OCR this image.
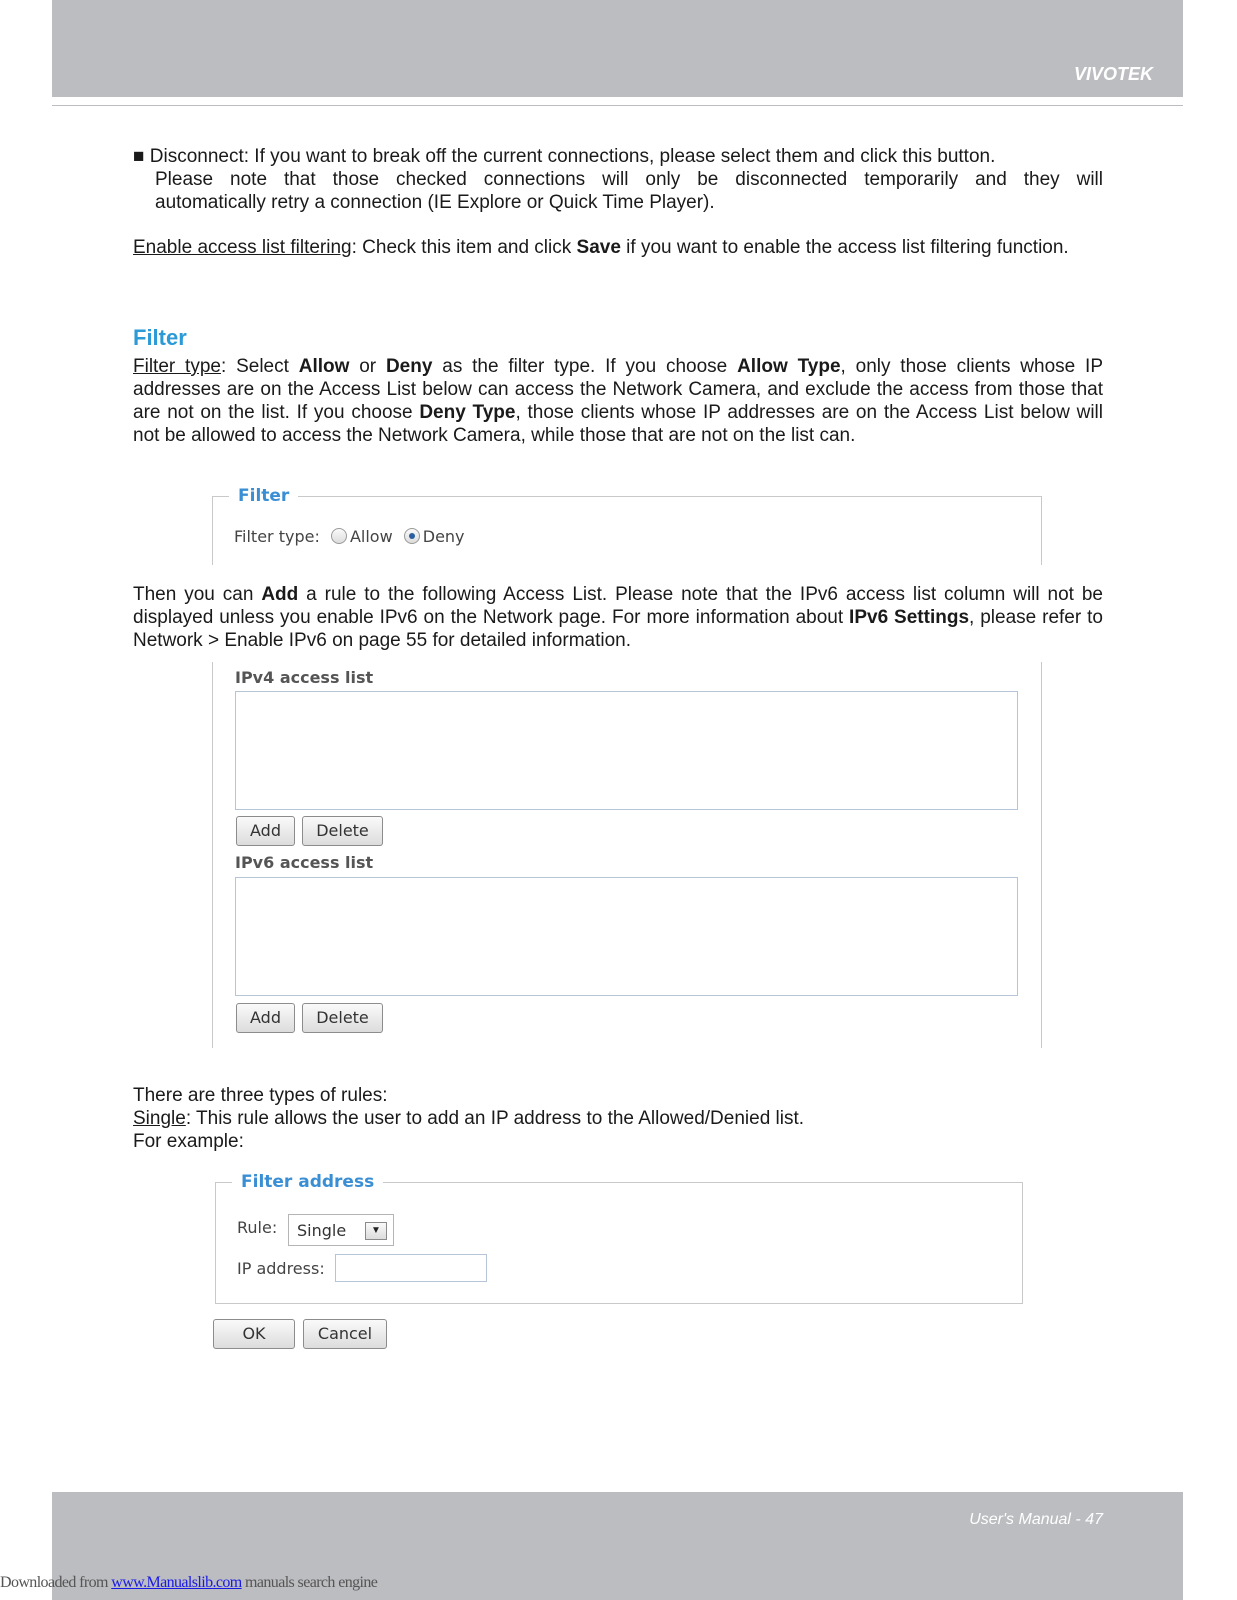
VIVOTEK
■ Disconnect: If you want to break off the current connections, please select them and click this button.
Please note that those checked connections will only be disconnected temporarily and they will
automatically retry a connection (IE Explore or Quick Time Player).

Enable access list filtering: Check this item and click Save if you want to enable the access list filtering function.

Filter

Filter type: Select Allow or Deny as the filter type. If you choose Allow Type, only those clients whose IP addresses are on the Access List below can access the Network Camera, and exclude the access from those that are not on the list. If you choose Deny Type, those clients whose IP addresses are on the Access List below will not be allowed to access the Network Camera, while those that are not on the list can.

Filter
Filter type: Allow Deny

Then you can Add a rule to the following Access List. Please note that the IPv6 access list column will not be displayed unless you enable IPv6 on the Network page. For more information about IPv6 Settings, please refer to Network > Enable IPv6 on page 55 for detailed information.

IPv4 access list
Add	Delete
IPv6 access list
Add	Delete
There are three types of rules:
Single: This rule allows the user to add an IP address to the Allowed/Denied list.
For example:
Filter address
Rule: Single	▼
IP address:
OK	Cancel
User's Manual - 47
Downloaded from www.Manualslib.com manuals search engine
